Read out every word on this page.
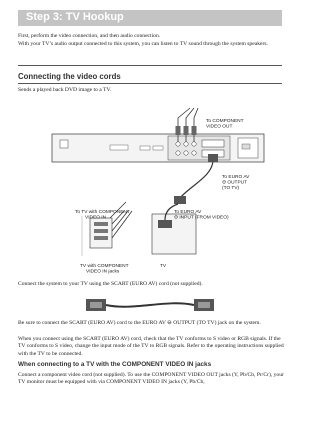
Step 3: TV Hookup

First, perform the video connection, and then audio connection.

With your TV’s audio output connected to this system, you can listen to TV sound through the system speakers.

Connecting the video cords

Sends a played back DVD image to a TV.

To COMPONENT VIDEO OUT
To EURO AV ⊖ OUTPUT (TO TV)
To TV with COMPONENT VIDEO IN
TV with COMPONENT VIDEO IN jacks
To EURO AV ⊖ INPUT (FROM VIDEO)
TV

Connect the system to your TV using the SCART (EURO AV) cord (not supplied).

Be sure to connect the SCART (EURO AV) cord to the EURO AV ⊖ OUTPUT (TO TV) jack on the system.

When you connect using the SCART (EURO AV) cord, check that the TV conforms to S video or RGB signals. If the TV conforms to S video, change the input mode of the TV to RGB signals. Refer to the operating instructions supplied with the TV to be connected.

When connecting to a TV with the COMPONENT VIDEO IN jacks

Connect a component video cord (not supplied). To use the COMPONENT VIDEO OUT jacks (Y, Pb/Cb, Pr/Cr), your TV monitor must be equipped with via COMPONENT VIDEO IN jacks (Y, Pb/Cb,
